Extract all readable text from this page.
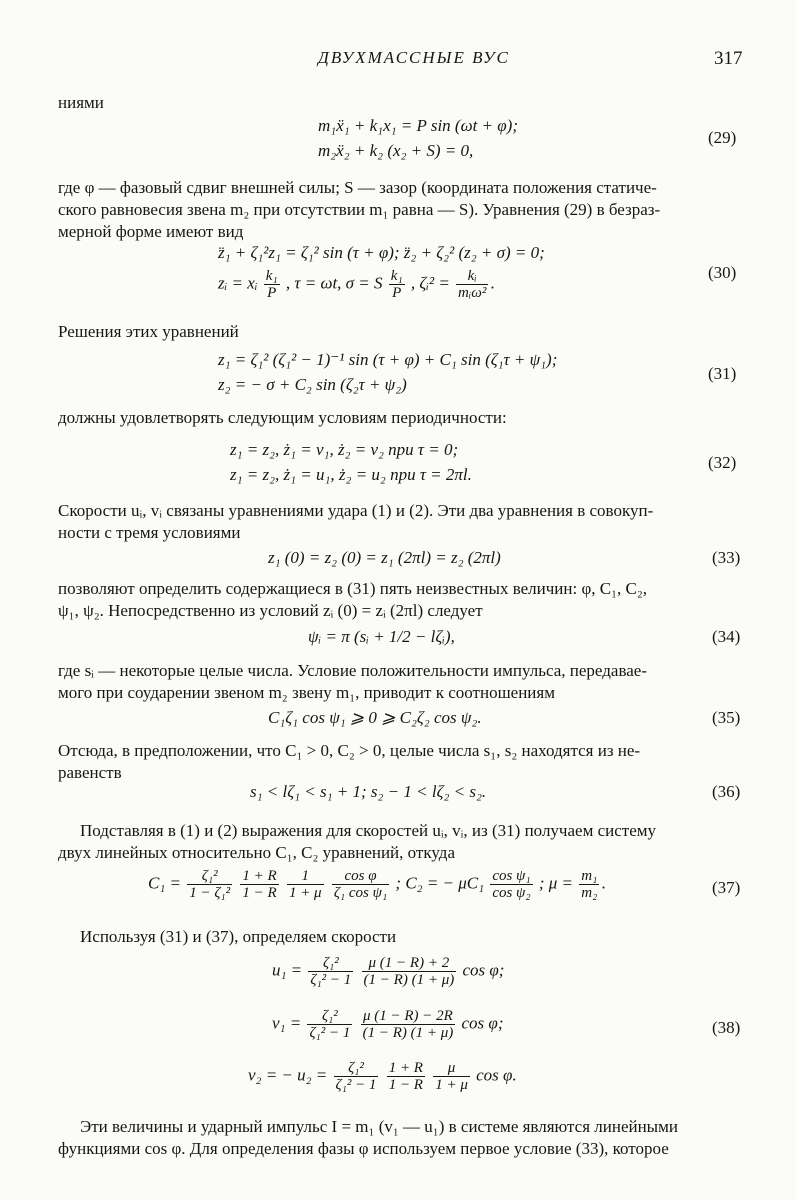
ДВУХМАССНЫЕ ВУС	317
ниями
m₁ẍ₁ + k₁x₁ = P sin (ωt + φ);
m₂ẍ₂ + k₂ (x₂ + S) = 0,
(29)
где φ — фазовый сдвиг внешней силы; S — зазор (координата положения статиче-
ского равновесия звена m₂ при отсутствии m₁ равна — S). Уравнения (29) в безраз-
мерной форме имеют вид
z̈₁ + ζ₁²z₁ = ζ₁² sin (τ + φ); z̈₂ + ζ₂² (z₂ + σ) = 0;
zᵢ = xᵢ $\frac{\text{k₁}}{P}$ , τ = ωt, σ = S $\frac{\text{k₁}}{P}$ , ζᵢ² = $\frac{\text{kᵢ}}{\text{mᵢω²}}$ .
(30)
Решения этих уравнений
z₁ = ζ₁² (ζ₁² − 1)⁻¹ sin (τ + φ) + C₁ sin (ζ₁τ + ψ₁);
z₂ = − σ + C₂ sin (ζ₂τ + ψ₂)
(31)
должны удовлетворять следующим условиям периодичности:
z₁ = z₂, ż₁ = v₁, ż₂ = v₂ при τ = 0;
z₁ = z₂, ż₁ = u₁, ż₂ = u₂ при τ = 2πl.
(32)
Скорости uᵢ, vᵢ связаны уравнениями удара (1) и (2). Эти два уравнения в совокуп-
ности с тремя условиями
z₁ (0) = z₂ (0) = z₁ (2πl) = z₂ (2πl)	(33)
позволяют определить содержащиеся в (31) пять неизвестных величин: φ, C₁, C₂,
ψ₁, ψ₂. Непосредственно из условий zᵢ (0) = zᵢ (2πl) следует
ψᵢ = π (sᵢ + 1/2 − lζᵢ),	(34)
где sᵢ — некоторые целые числа. Условие положительности импульса, передавае-
мого при соударении звеном m₂ звену m₁, приводит к соотношениям
C₁ζ₁ cos ψ₁ ⩾ 0 ⩾ C₂ζ₂ cos ψ₂.	(35)
Отсюда, в предположении, что C₁ > 0, C₂ > 0, целые числа s₁, s₂ находятся из не-
равенств
s₁ < lζ₁ < s₁ + 1; s₂ − 1 < lζ₂ < s₂.	(36)
Подставляя в (1) и (2) выражения для скоростей uᵢ, vᵢ, из (31) получаем систему
двух линейных относительно C₁, C₂ уравнений, откуда
$C_1 = \frac{\text{ζ₁²}}{\text{1 − ζ₁²}}$
$\frac{1 + R}{1 - R}$
$\frac{1}{1 + \mu}$
$\frac{\text{cos φ}}{\text{ζ₁ cos ψ₁}}$ ; C₂ = − $\mu C_1 \frac{\text{cos ψ₁}}{\text{cos ψ₂}}$ ; $\mu = \frac{\text{m₁}}{\text{m₂}}$ .	(37)
Используя (31) и (37), определяем скорости
$u_1 = \frac{\text{ζ₁²}}{\text{ζ₁² − 1}}$
$\frac{\mu (1 - R) + 2}{(1 - R) (1 + \mu)}$ cos φ;
$v_1 = \frac{\text{ζ₁²}}{\text{ζ₁² − 1}}$
$\frac{\mu (1 - R) - 2R}{(1 - R) (1 + \mu)}$ cos φ;	(38)
v₂ = − $u_2 = \frac{\text{ζ₁²}}{\text{ζ₁² − 1}}$
$\frac{1 + R}{1 - R}$
$\frac{\mu}{1 + \mu}$ cos φ.
Эти величины и ударный импульс I = m₁ (v₁ — u₁) в системе являются линейными
функциями cos φ. Для определения фазы φ используем первое условие (33), которое
